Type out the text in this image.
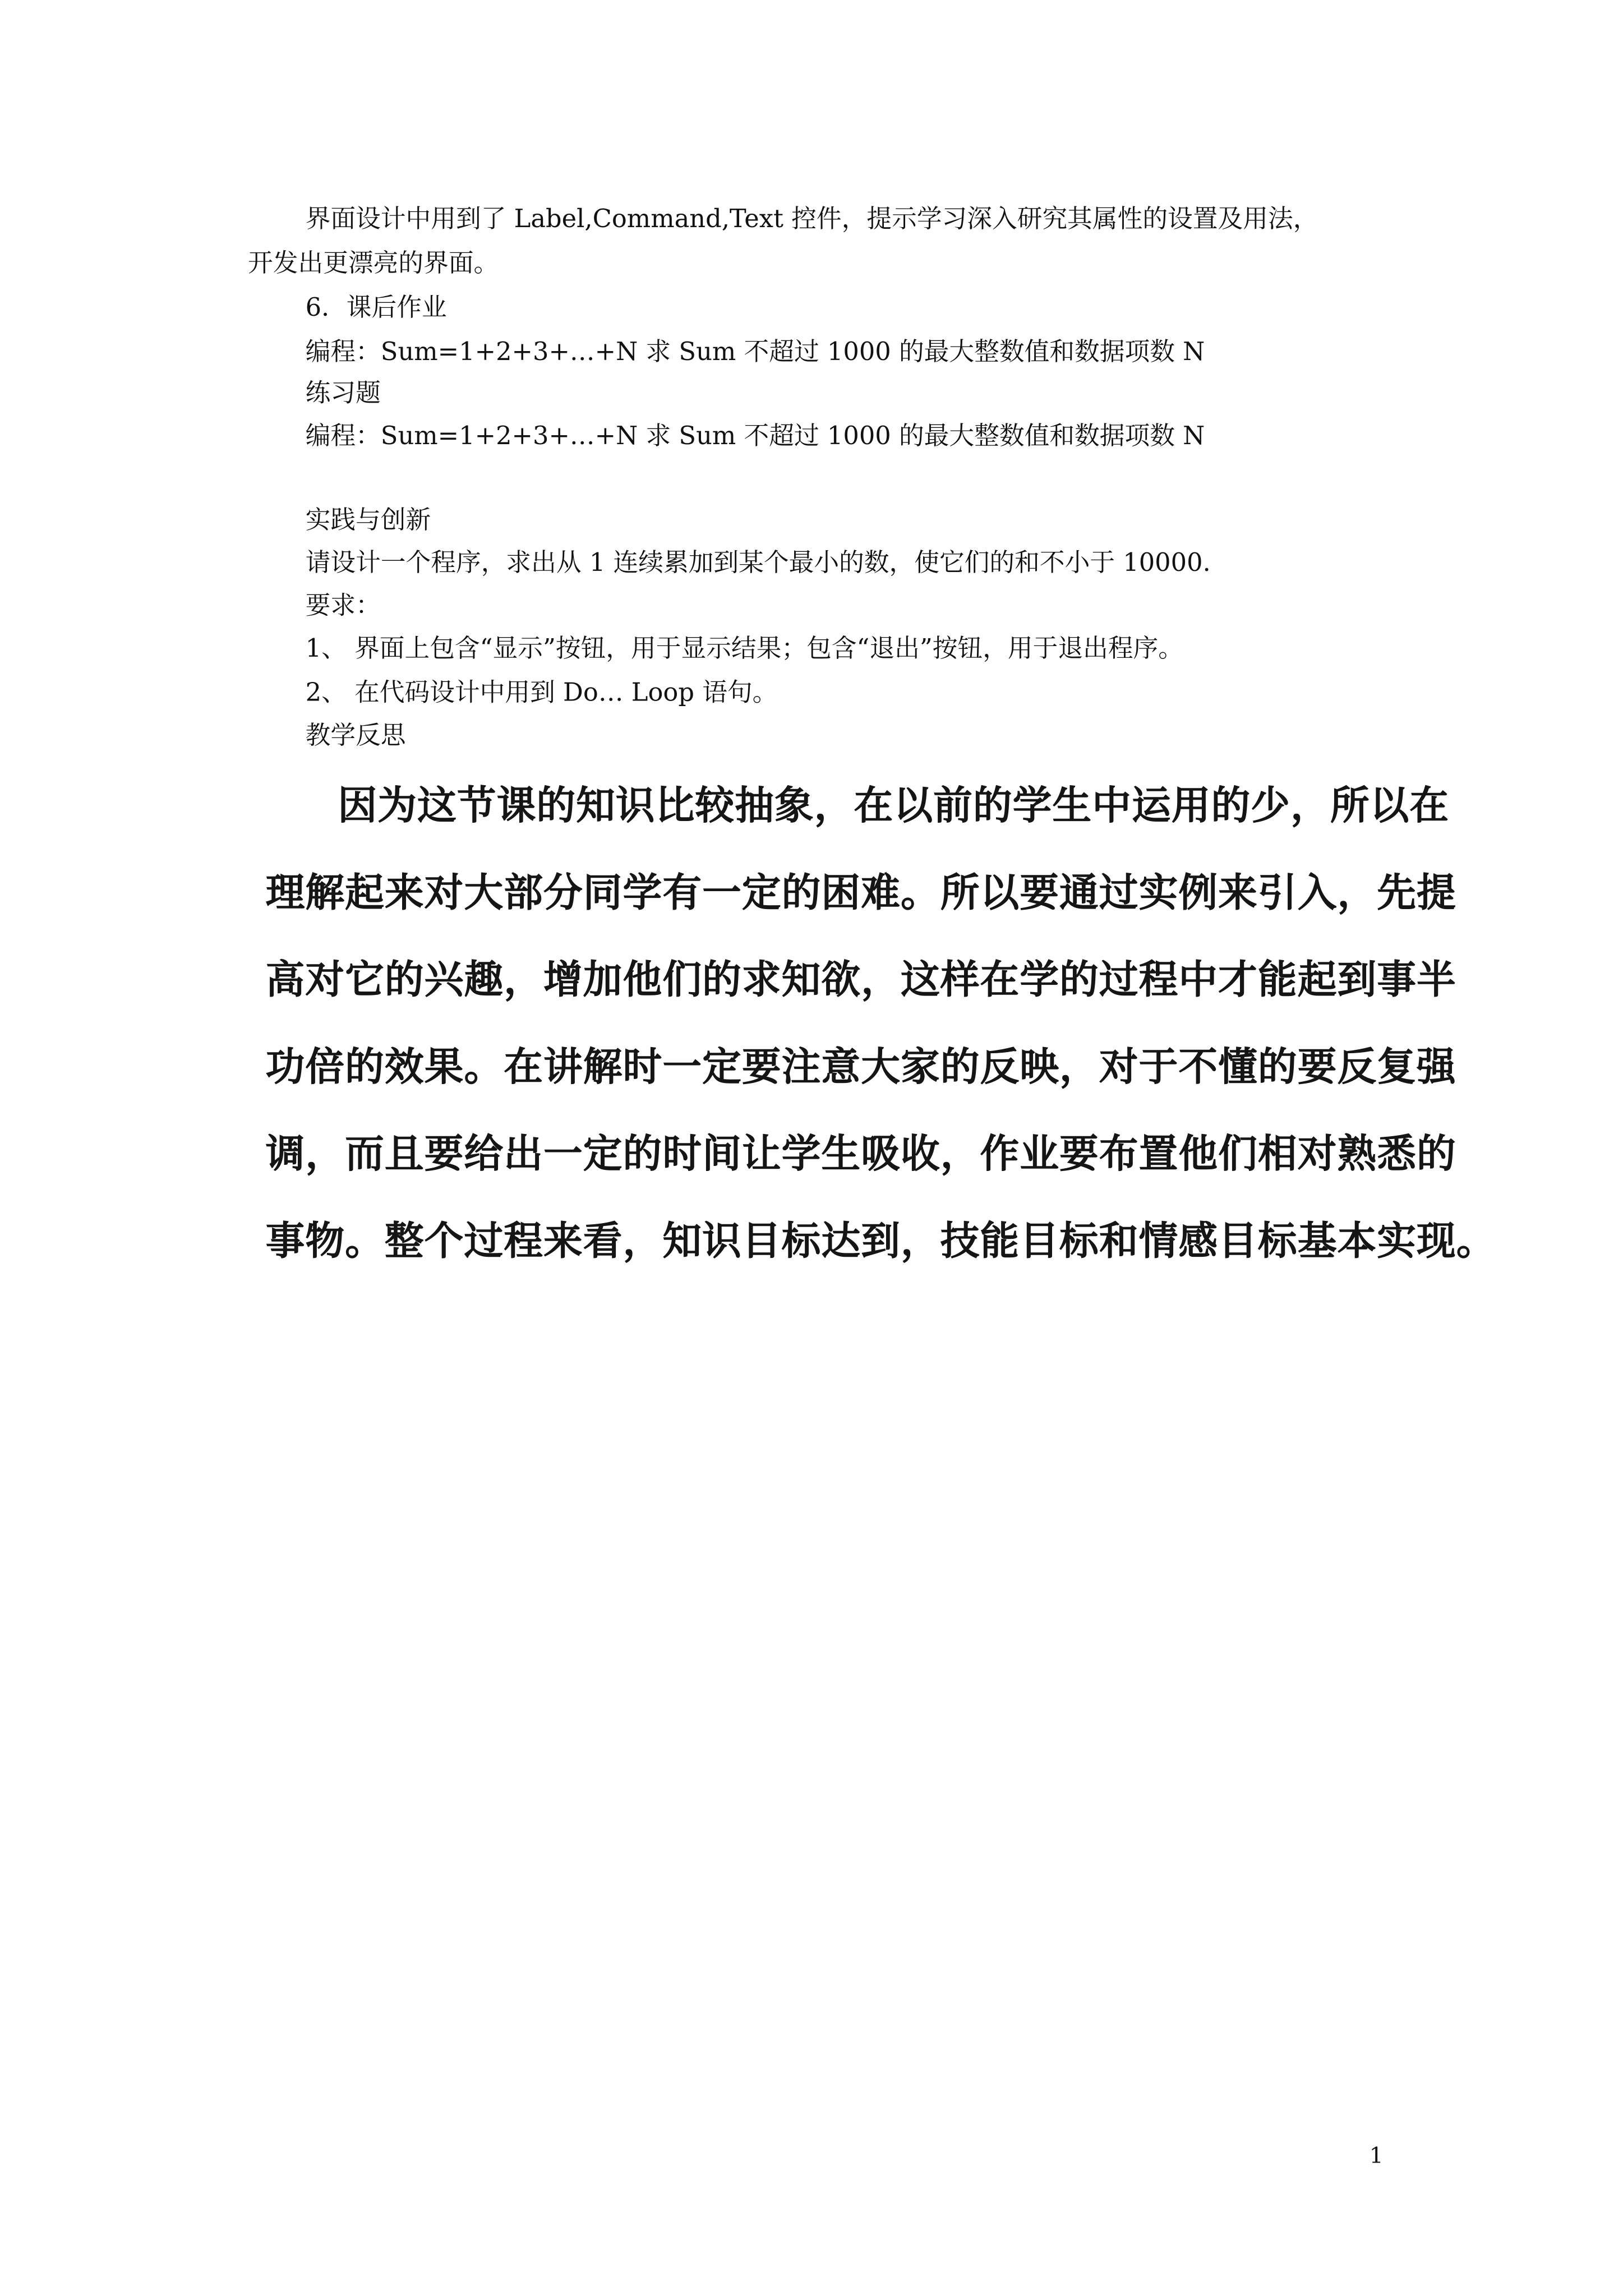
界面设计中用到了 Label,Command,Text 控件，提示学习深入研究其属性的设置及用法，
开发出更漂亮的界面。
6．课后作业
编程：Sum=1+2+3+…+N 求 Sum 不超过 1000 的最大整数值和数据项数 N
练习题
编程：Sum=1+2+3+…+N 求 Sum 不超过 1000 的最大整数值和数据项数 N
实践与创新
请设计一个程序，求出从 1 连续累加到某个最小的数，使它们的和不小于 10000.
要求：
1、 界面上包含“显示”按钮，用于显示结果；包含“退出”按钮，用于退出程序。
2、 在代码设计中用到 Do… Loop 语句。
教学反思
因为这节课的知识比较抽象，在以前的学生中运用的少，所以在
理解起来对大部分同学有一定的困难。所以要通过实例来引入，先提
高对它的兴趣，增加他们的求知欲，这样在学的过程中才能起到事半
功倍的效果。在讲解时一定要注意大家的反映，对于不懂的要反复强
调，而且要给出一定的时间让学生吸收，作业要布置他们相对熟悉的
事物。整个过程来看，知识目标达到，技能目标和情感目标基本实现。
1
